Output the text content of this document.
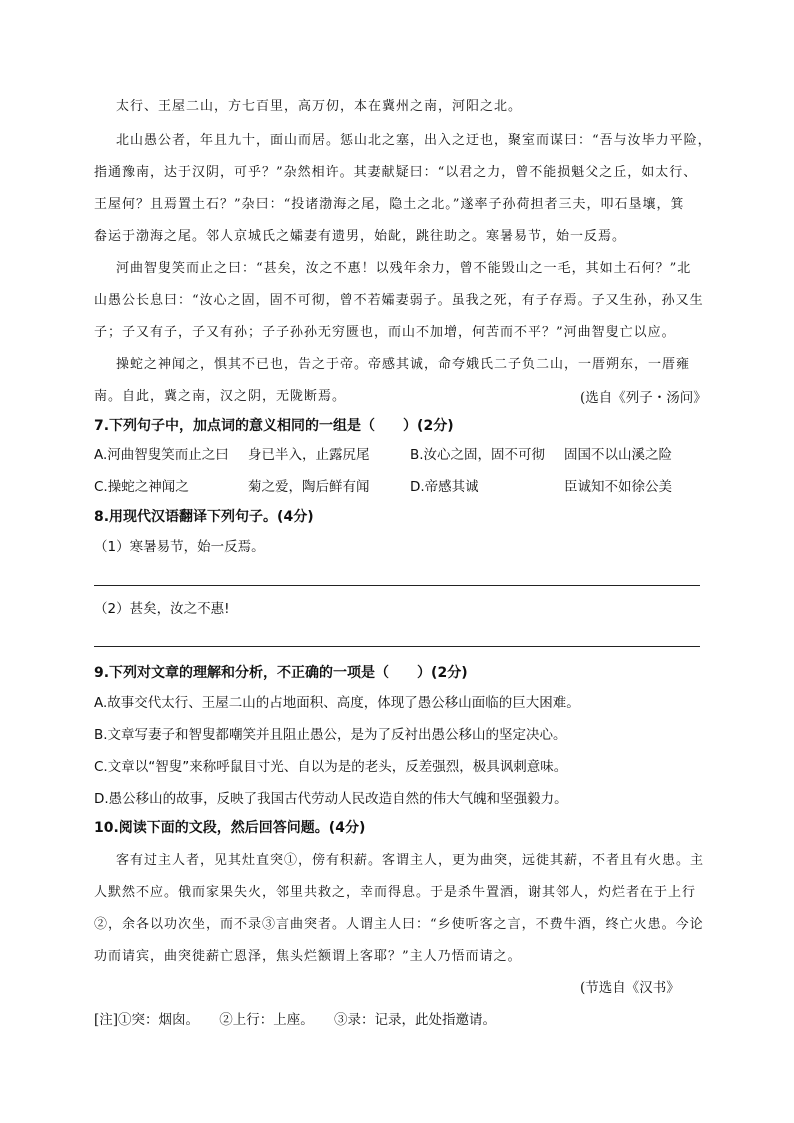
太行、王屋二山，方七百里，高万仞，本在冀州之南，河阳之北。
北山愚公者，年且九十，面山而居。惩山北之塞，出入之迂也，聚室而谋曰：“吾与汝毕力平险，
指通豫南，达于汉阴，可乎？”杂然相许。其妻献疑曰：“以君之力，曾不能损魁父之丘，如太行、
王屋何？且焉置土石？”杂曰：“投诸渤海之尾，隐土之北。”遂率子孙荷担者三夫，叩石垦壤，箕
畚运于渤海之尾。邻人京城氏之孀妻有遗男，始龀，跳往助之。寒暑易节，始一反焉。
河曲智叟笑而止之曰：“甚矣，汝之不惠！以残年余力，曾不能毁山之一毛，其如土石何？”北
山愚公长息曰：“汝心之固，固不可彻，曾不若孀妻弱子。虽我之死，有子存焉。子又生孙，孙又生
子；子又有子，子又有孙；子子孙孙无穷匮也，而山不加增，何苦而不平？”河曲智叟亡以应。
操蛇之神闻之，惧其不已也，告之于帝。帝感其诚，命夸娥氏二子负二山，一厝朔东，一厝雍
南。自此，冀之南，汉之阴，无陇断焉。	(选自《列子・汤问》
7.下列句子中，加点词的意义相同的一组是（　　）(2分)
A.河曲智叟笑而止之曰 身已半入，止露尻尾	B.汝心之固，固不可彻 固国不以山溪之险
C.操蛇之神闻之	菊之爱，陶后鲜有闻	D.帝感其诚	臣诚知不如徐公美
8.用现代汉语翻译下列句子。(4分)
（1）寒暑易节，始一反焉。
（2）甚矣，汝之不惠!
9.下列对文章的理解和分析，不正确的一项是（　　）(2分)
A.故事交代太行、王屋二山的占地面积、高度，体现了愚公移山面临的巨大困难。
B.文章写妻子和智叟都嘲笑并且阻止愚公，是为了反衬出愚公移山的坚定决心。
C.文章以“智叟”来称呼鼠目寸光、自以为是的老头，反差强烈，极具讽刺意味。
D.愚公移山的故事，反映了我国古代劳动人民改造自然的伟大气魄和坚强毅力。
10.阅读下面的文段，然后回答问题。(4分)
客有过主人者，见其灶直突①，傍有积薪。客谓主人，更为曲突，远徙其薪，不者且有火患。主
人默然不应。俄而家果失火，邻里共救之，幸而得息。于是杀牛置酒，谢其邻人，灼烂者在于上行
②，余各以功次坐，而不录③言曲突者。人谓主人曰：“乡使听客之言，不费牛酒，终亡火患。今论
功而请宾，曲突徙薪亡恩泽，焦头烂额谓上客耶？”主人乃悟而请之。
(节选自《汉书》
[注]①突：烟囱。　　②上行：上座。　　③录：记录，此处指邀请。
